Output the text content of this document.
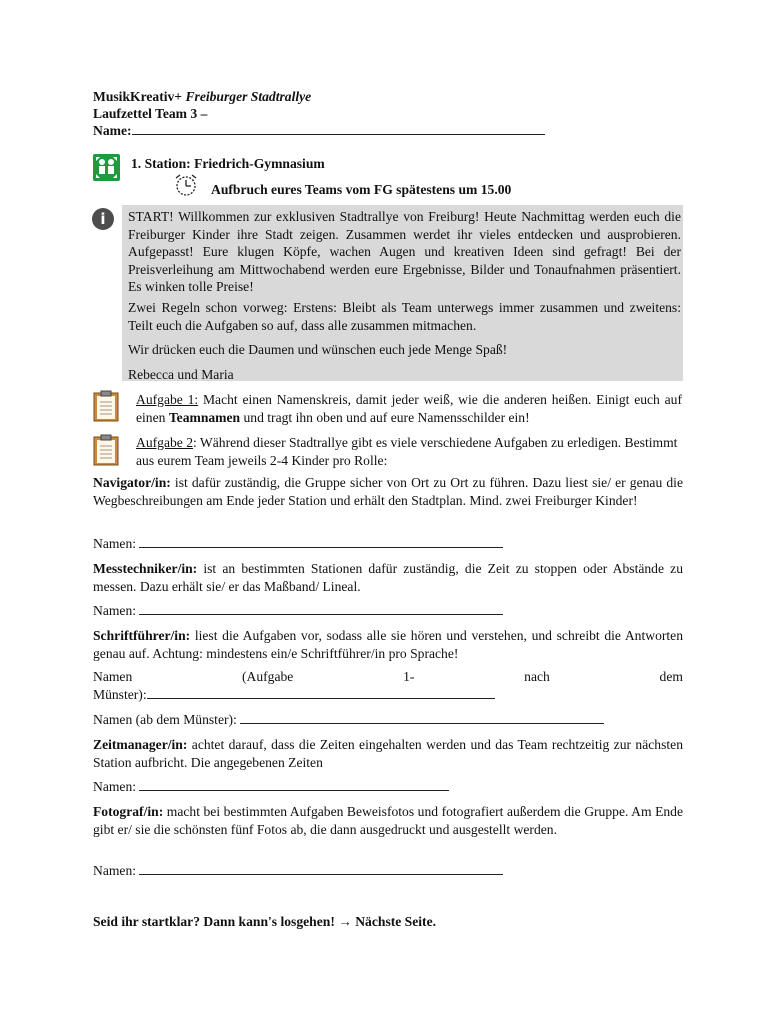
MusikKreativ+ Freiburger Stadtrallye
Laufzettel Team 3 –
Name:
1. Station: Friedrich-Gymnasium
Aufbruch eures Teams vom FG spätestens um 15.00
i	START! Willkommen zur exklusiven Stadtrallye von Freiburg! Heute Nachmittag werden euch die Freiburger Kinder ihre Stadt zeigen. Zusammen werdet ihr vieles entdecken und ausprobieren. Aufgepasst! Eure klugen Köpfe, wachen Augen und kreativen Ideen sind gefragt! Bei der Preisverleihung am Mittwochabend werden eure Ergebnisse, Bilder und Tonaufnahmen präsentiert. Es winken tolle Preise!
Zwei Regeln schon vorweg: Erstens: Bleibt als Team unterwegs immer zusammen und zweitens: Teilt euch die Aufgaben so auf, dass alle zusammen mitmachen.
Wir drücken euch die Daumen und wünschen euch jede Menge Spaß!
Rebecca und Maria
Aufgabe 1: Macht einen Namenskreis, damit jeder weiß, wie die anderen heißen. Einigt euch auf einen Teamnamen und tragt ihn oben und auf eure Namensschilder ein!
Aufgabe 2: Während dieser Stadtrallye gibt es viele verschiedene Aufgaben zu erledigen. Bestimmt aus eurem Team jeweils 2-4 Kinder pro Rolle:
Navigator/in: ist dafür zuständig, die Gruppe sicher von Ort zu Ort zu führen. Dazu liest sie/ er genau die Wegbeschreibungen am Ende jeder Station und erhält den Stadtplan. Mind. zwei Freiburger Kinder!
Namen:
Messtechniker/in: ist an bestimmten Stationen dafür zuständig, die Zeit zu stoppen oder Abstände zu messen. Dazu erhält sie/ er das Maßband/ Lineal.
Namen:
Schriftführer/in: liest die Aufgaben vor, sodass alle sie hören und verstehen, und schreibt die Antworten genau auf. Achtung: mindestens ein/e Schriftführer/in pro Sprache!
Namen	(Aufgabe	1-	nach	dem
Münster):
Namen (ab dem Münster):
Zeitmanager/in: achtet darauf, dass die Zeiten eingehalten werden und das Team rechtzeitig zur nächsten Station aufbricht. Die angegebenen Zeiten
Namen:
Fotograf/in: macht bei bestimmten Aufgaben Beweisfotos und fotografiert außerdem die Gruppe. Am Ende gibt er/ sie die schönsten fünf Fotos ab, die dann ausgedruckt und ausgestellt werden.
Namen:
Seid ihr startklar? Dann kann's losgehen! → Nächste Seite.
